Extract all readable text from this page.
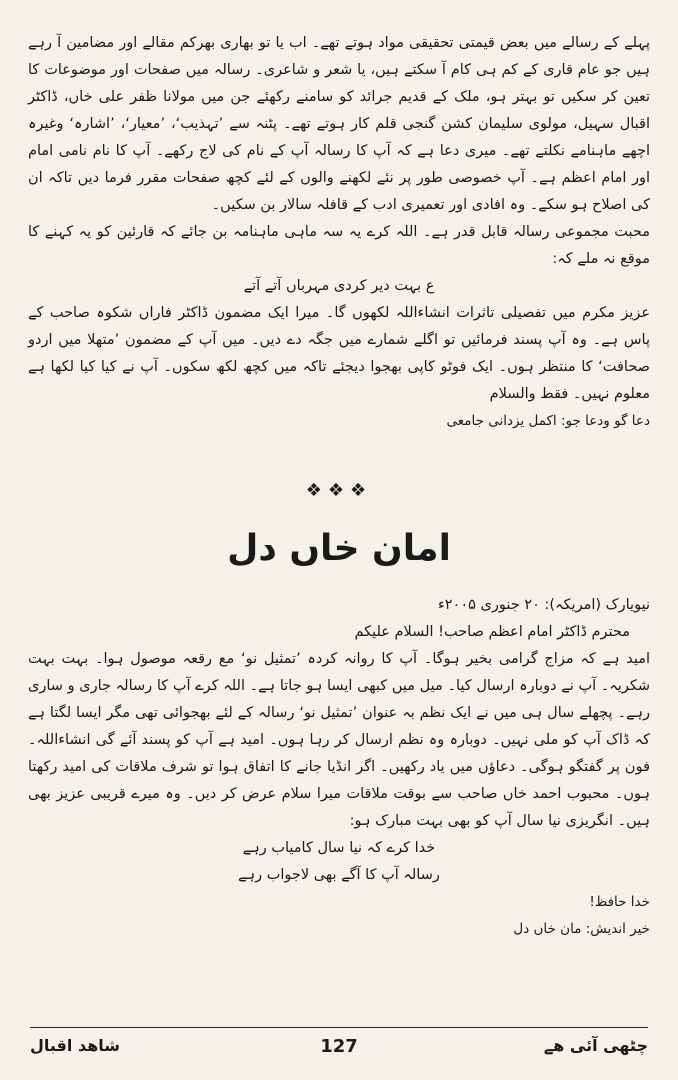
پہلے کے رسالے میں بعض قیمتی تحقیقی مواد ہوتے تھے۔ اب یا تو بھاری بھرکم مقالے اور مضامین آ رہے ہیں جو عام قاری کے کم ہی کام آ سکتے ہیں، یا شعر و شاعری۔ رسالہ میں صفحات اور موضوعات کا تعین کر سکیں تو بہتر ہو، ملک کے قدیم جرائد کو سامنے رکھئے جن میں مولانا ظفر علی خاں، ڈاکٹر اقبال سہیل، مولوی سلیمان کشن گنجی قلم کار ہوتے تھے۔ پٹنہ سے ’تہذیب‘، ’معیار‘، ’اشارہ‘ وغیرہ اچھے ماہنامے نکلتے تھے۔ میری دعا ہے کہ آپ کا رسالہ آپ کے نام کی لاج رکھے۔ آپ کا نام نامی امام اور امام اعظم ہے۔ آپ خصوصی طور پر نئے لکھنے والوں کے لئے کچھ صفحات مقرر فرما دیں تاکہ ان کی اصلاح ہو سکے۔ وہ افادی اور تعمیری ادب کے قافلہ سالار بن سکیں۔

محبت مجموعی رسالہ قابل قدر ہے۔ اللہ کرے یہ سہ ماہی ماہنامہ بن جائے کہ قارئین کو یہ کہنے کا موقع نہ ملے کہ:

ع بہت دیر کردی مہرباں آتے آتے

عزیز مکرم میں تفصیلی تاثرات انشاءاللہ لکھوں گا۔ میرا ایک مضمون ڈاکٹر فاراں شکوہ صاحب کے پاس ہے۔ وہ آپ پسند فرمائیں تو اگلے شمارے میں جگہ دے دیں۔ میں آپ کے مضمون ’متھلا میں اردو صحافت‘ کا منتظر ہوں۔ ایک فوٹو کاپی بھجوا دیجئے تاکہ میں کچھ لکھ سکوں۔ آپ نے کیا کیا لکھا ہے معلوم نہیں۔ فقط والسلام

دعا گو ودعا جو: اکمل یزدانی جامعی

❖❖❖
امان خاں دل

نیویارک (امریکہ): ۲۰ جنوری ۲۰۰۵ء

محترم ڈاکٹر امام اعظم صاحب! السلام علیکم

امید ہے کہ مزاج گرامی بخیر ہوگا۔ آپ کا روانہ کردہ ’تمثیل نو‘ مع رقعہ موصول ہوا۔ بہت بہت شکریہ۔ آپ نے دوبارہ ارسال کیا۔ میل میں کبھی ایسا ہو جاتا ہے۔ اللہ کرے آپ کا رسالہ جاری و ساری رہے۔ پچھلے سال ہی میں نے ایک نظم بہ عنوان ’تمثیل نو‘ رسالہ کے لئے بھجوائی تھی مگر ایسا لگتا ہے کہ ڈاک آپ کو ملی نہیں۔ دوبارہ وہ نظم ارسال کر رہا ہوں۔ امید ہے آپ کو پسند آئے گی انشاءاللہ۔ فون پر گفتگو ہوگی۔ دعاؤں میں یاد رکھیں۔ اگر انڈیا جانے کا اتفاق ہوا تو شرف ملاقات کی امید رکھتا ہوں۔ محبوب احمد خاں صاحب سے بوقت ملاقات میرا سلام عرض کر دیں۔ وہ میرے قریبی عزیز بھی ہیں۔ انگریزی نیا سال آپ کو بھی بہت مبارک ہو:

خدا کرے کہ نیا سال کامیاب رہے

رسالہ آپ کا آگے بھی لاجواب رہے

خدا حافظ!

خیر اندیش: مان خاں دل

شاھد اقبال	127	چٹھی آئی ھے
